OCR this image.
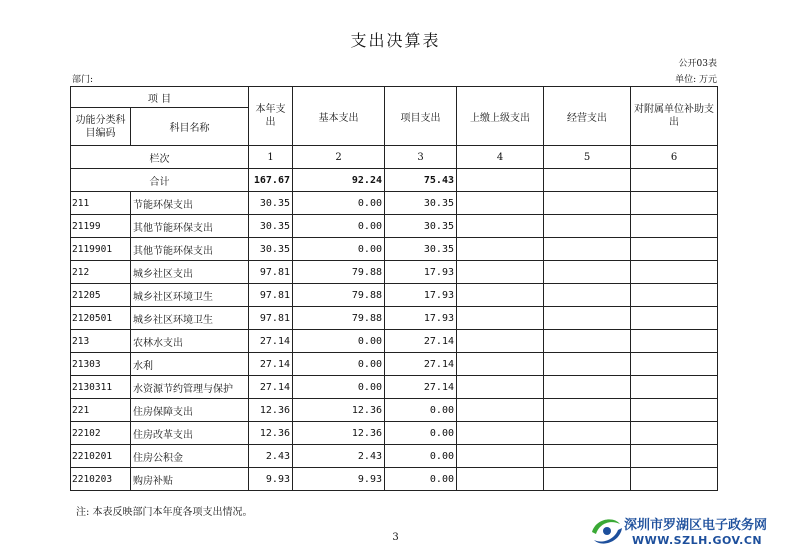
支出决算表
公开03表
部门:	单位: 万元
项 目		本年支出	基本支出	项目支出	上缴上级支出	经营支出	对附属单位补助支出
功能分类科目编码	科目名称						
栏次		1	2	3	4	5	6
合计		167.67	92.24	75.43			
211	节能环保支出	30.35	0.00	30.35			
21199	其他节能环保支出	30.35	0.00	30.35			
2119901	其他节能环保支出	30.35	0.00	30.35			
212	城乡社区支出	97.81	79.88	17.93			
21205	城乡社区环境卫生	97.81	79.88	17.93			
2120501	城乡社区环境卫生	97.81	79.88	17.93			
213	农林水支出	27.14	0.00	27.14			
21303	水利	27.14	0.00	27.14			
2130311	水资源节约管理与保护	27.14	0.00	27.14			
221	住房保障支出	12.36	12.36	0.00			
22102	住房改革支出	12.36	12.36	0.00			
2210201	住房公积金	2.43	2.43	0.00			
2210203	购房补贴	9.93	9.93	0.00			
注: 本表反映部门本年度各项支出情况。
3
深圳市罗湖区电子政务网
WWW.SZLH.GOV.CN
